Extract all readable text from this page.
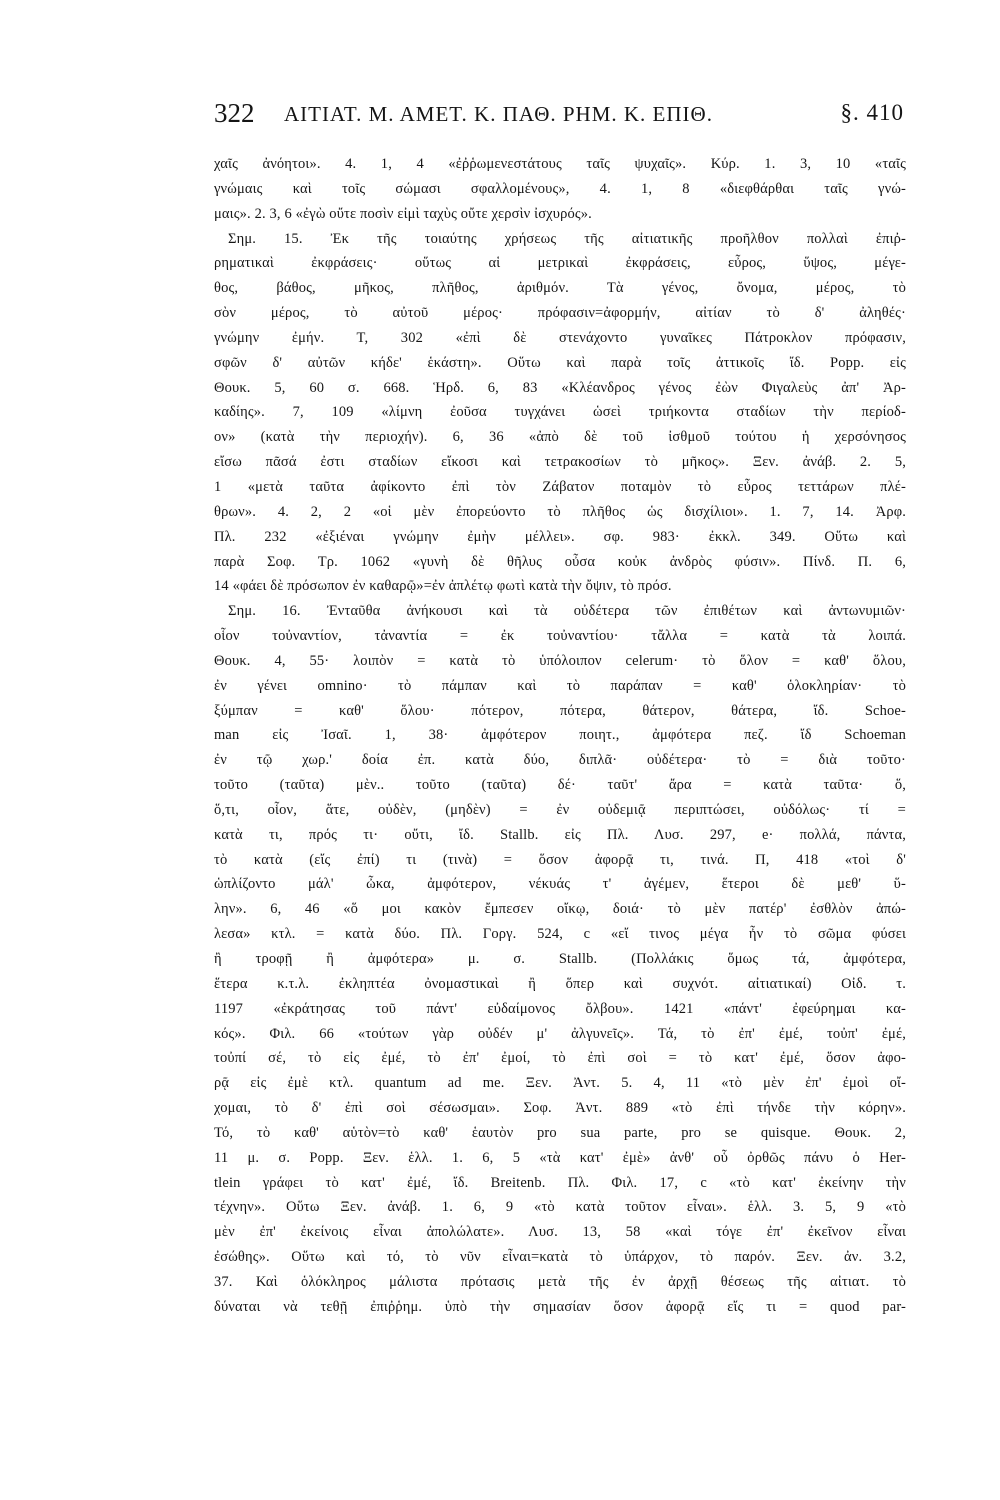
322 ΑΙΤΙΑΤ. Μ. ΑΜΕΤ. Κ. ΠΑΘ. ΡΗΜ. Κ. ΕΠΙΘ.	§. 410
χαῖς ἀνόητοι». 4. 1, 4 «ἐῤῥωμενεστάτους ταῖς ψυχαῖς». Κύρ. 1. 3, 10 «ταῖς
γνώμαις καὶ τοῖς σώμασι σφαλλομένους», 4. 1, 8 «διεφθάρθαι ταῖς γνώ-
μαις». 2. 3, 6 «ἐγὼ οὔτε ποσὶν εἰμὶ ταχὺς οὔτε χερσὶν ἰσχυρός».
Σημ. 15. Ἐκ τῆς τοιαύτης χρήσεως τῆς αἰτιατικῆς προῆλθον πολλαὶ ἐπιῤ-
ρηματικαὶ ἐκφράσεις· οὕτως αἱ μετρικαὶ ἐκφράσεις, εὖρος, ὕψος, μέγε-
θος, βάθος, μῆκος, πλῆθος, ἀριθμόν. Τὰ γένος, ὄνομα, μέρος, τὸ
σὸν μέρος, τὸ αὐτοῦ μέρος· πρόφασιν=ἀφορμήν, αἰτίαν τὸ δ' ἀληθές·
γνώμην ἐμήν. Τ, 302 «ἐπὶ δὲ στενάχοντο γυναῖκες Πάτροκλον πρόφασιν,
σφῶν δ' αὐτῶν κήδε' ἑκάστη». Οὕτω καὶ παρὰ τοῖς ἀττικοῖς ἴδ. Popp. εἰς
Θουκ. 5, 60 σ. 668. Ἡρδ. 6, 83 «Κλέανδρος γένος ἐὼν Φιγαλεὺς ἀπ' Ἀρ-
καδίης». 7, 109 «λίμνη ἐοῦσα τυγχάνει ὡσεὶ τριήκοντα σταδίων τὴν περίοδ-
ον» (κατὰ τὴν περιοχήν). 6, 36 «ἀπὸ δὲ τοῦ ἰσθμοῦ τούτου ἡ χερσόνησος
εἴσω πᾶσά ἐστι σταδίων εἴκοσι καὶ τετρακοσίων τὸ μῆκος». Ξεν. ἀνάβ. 2. 5,
1 «μετὰ ταῦτα ἀφίκοντο ἐπὶ τὸν Ζάβατον ποταμὸν τὸ εὖρος τεττάρων πλέ-
θρων». 4. 2, 2 «οἱ μὲν ἐπορεύοντο τὸ πλῆθος ὡς δισχίλιοι». 1. 7, 14. Ἀρφ.
Πλ. 232 «ἐξιέναι γνώμην ἐμὴν μέλλει». σφ. 983· ἐκκλ. 349. Οὕτω καὶ
παρὰ Σοφ. Τρ. 1062 «γυνὴ δὲ θῆλυς οὖσα κοὐκ ἀνδρὸς φύσιν». Πίνδ. Π. 6,
14 «φάει δὲ πρόσωπον ἐν καθαρῷ»=ἐν ἀπλέτῳ φωτὶ κατὰ τὴν ὄψιν, τὸ πρόσ.
Σημ. 16. Ἐνταῦθα ἀνήκουσι καὶ τὰ οὐδέτερα τῶν ἐπιθέτων καὶ ἀντωνυμιῶν·
οἷον τοὐναντίον, τἀναντία = ἐκ τοὐναντίου· τἄλλα = κατὰ τὰ λοιπά.
Θουκ. 4, 55· λοιπὸν = κατὰ τὸ ὑπόλοιπον celerum· τὸ ὅλον = καθ' ὅλου,
ἐν γένει omnino· τὸ πάμπαν καὶ τὸ παράπαν = καθ' ὁλοκληρίαν· τὸ
ξύμπαν = καθ' ὅλου· πότερον, πότερα, θάτερον, θάτερα, ἴδ. Schoe-
man εἰς Ἰσαῖ. 1, 38· ἀμφότερον ποιητ., ἀμφότερα πεζ. ἴδ Schoeman
ἐν τῷ χωρ.' δοία ἐπ. κατὰ δύο, διπλᾶ· οὐδέτερα· τὸ = διὰ τοῦτο·
τοῦτο (ταῦτα) μὲν.. τοῦτο (ταῦτα) δέ· ταῦτ' ἄρα = κατὰ ταῦτα· ὅ,
ὅ,τι, οἷον, ἅτε, οὐδὲν, (μηδὲν) = ἐν οὐδεμιᾷ περιπτώσει, οὐδόλως· τί =
κατὰ τι, πρός τι· οὔτι, ἴδ. Stallb. εἰς Πλ. Λυσ. 297, e· πολλά, πάντα,
τὸ κατὰ (εἴς ἐπί) τι (τινὰ) = ὅσον ἀφορᾷ τι, τινά. Π, 418 «τοὶ δ'
ὡπλίζοντο μάλ' ὦκα, ἀμφότερον, νέκυάς τ' ἀγέμεν, ἕτεροι δὲ μεθ' ὕ-
λην». 6, 46 «ὅ μοι κακὸν ἔμπεσεν οἴκῳ, δοιά· τὸ μὲν πατέρ' ἐσθλὸν ἀπώ-
λεσα» κτλ. = κατὰ δύο. Πλ. Γοργ. 524, c «εἴ τινος μέγα ἦν τὸ σῶμα φύσει
ἢ τροφῇ ἢ ἀμφότερα» μ. σ. Stallb. (Πολλάκις ὅμως τά, ἀμφότερα,
ἕτερα κ.τ.λ. ἐκληπτέα ὀνομαστικαὶ ἢ ὅπερ καὶ συχνότ. αἰτιατικαί) Οἰδ. τ.
1197 «ἐκράτησας τοῦ πάντ' εὐδαίμονος ὄλβου». 1421 «πάντ' ἐφεύρημαι κα-
κός». Φιλ. 66 «τούτων γὰρ οὐδέν μ' ἀλγυνεῖς». Τά, τὸ ἐπ' ἐμέ, τοὐπ' ἐμέ,
τοὐπί σέ, τὸ εἰς ἐμέ, τὸ ἐπ' ἐμοί, τὸ ἐπὶ σοὶ = τὸ κατ' ἐμέ, ὅσον ἀφο-
ρᾷ εἰς ἐμὲ κτλ. quantum ad me. Ξεν. Ἀντ. 5. 4, 11 «τὸ μὲν ἐπ' ἐμοὶ οἴ-
χομαι, τὸ δ' ἐπὶ σοὶ σέσωσμαι». Σοφ. Ἀντ. 889 «τὸ ἐπὶ τήνδε τὴν κόρην».
Τό, τὸ καθ' αὑτὸν=τὸ καθ' ἑαυτὸν pro sua parte, pro se quisque. Θουκ. 2,
11 μ. σ. Popp. Ξεν. ἑλλ. 1. 6, 5 «τὰ κατ' ἐμὲ» ἀνθ' οὗ ὀρθῶς πάνυ ὁ Her-
tlein γράφει τὸ κατ' ἐμέ, ἴδ. Breitenb. Πλ. Φιλ. 17, c «τὸ κατ' ἐκείνην τὴν
τέχνην». Οὕτω Ξεν. ἀνάβ. 1. 6, 9 «τὸ κατὰ τοῦτον εἶναι». ἑλλ. 3. 5, 9 «τὸ
μὲν ἐπ' ἐκείνοις εἶναι ἀπολώλατε». Λυσ. 13, 58 «καὶ τόγε ἐπ' ἐκεῖνον εἶναι
ἐσώθης». Οὕτω καὶ τό, τὸ νῦν εἶναι=κατὰ τὸ ὑπάρχον, τὸ παρόν. Ξεν. ἀν. 3.2,
37. Καὶ ὁλόκληρος μάλιστα πρότασις μετὰ τῆς ἐν ἀρχῇ θέσεως τῆς αἰτιατ. τὸ
δύναται νὰ τεθῇ ἐπιῤῥημ. ὑπὸ τὴν σημασίαν ὅσον ἀφορᾷ εἴς τι = quod par-
